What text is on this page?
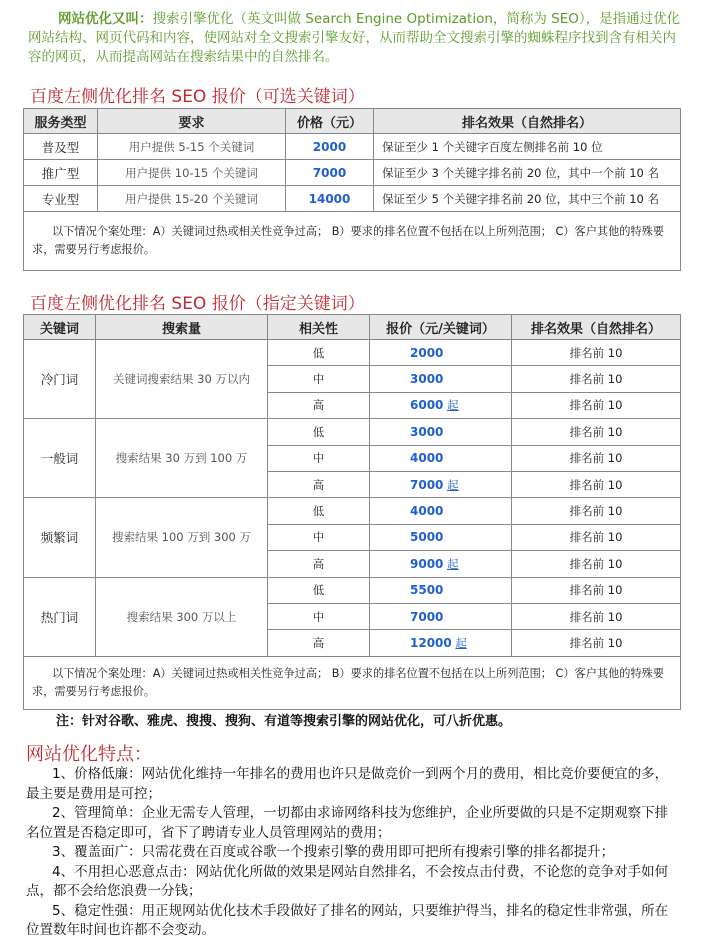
网站优化又叫：搜索引擎优化（英文叫做 Search Engine Optimization，简称为 SEO），是指通过优化网站结构、网页代码和内容，使网站对全文搜索引擎友好，从而帮助全文搜索引擎的蜘蛛程序找到含有相关内容的网页，从而提高网站在搜索结果中的自然排名。
百度左侧优化排名 SEO 报价（可选关键词）
服务类型	要求	价格（元）	排名效果（自然排名）
普及型	用户提供 5-15 个关键词	2000	保证至少 1 个关键字百度左侧排名前 10 位
推广型	用户提供 10-15 个关键词	7000	保证至少 3 个关键字排名前 20 位，其中一个前 10 名
专业型	用户提供 15-20 个关键词	14000	保证至少 5 个关键字排名前 20 位，其中三个前 10 名
以下情况个案处理：A）关键词过热或相关性竞争过高； B）要求的排名位置不包括在以上所列范围； C）客户其他的特殊要求，需要另行考虑报价。			
百度左侧优化排名 SEO 报价（指定关键词）
关键词	搜索量	相关性	报价（元/关键词）	排名效果（自然排名）
冷门词	关键词搜索结果 30 万以内	低	2000	排名前 10
		中	3000	排名前 10
		高	6000 起	排名前 10
一般词	搜索结果 30 万到 100 万	低	3000	排名前 10
		中	4000	排名前 10
		高	7000 起	排名前 10
频繁词	搜索结果 100 万到 300 万	低	4000	排名前 10
		中	5000	排名前 10
		高	9000 起	排名前 10
热门词	搜索结果 300 万以上	低	5500	排名前 10
		中	7000	排名前 10
		高	12000 起	排名前 10
以下情况个案处理：A）关键词过热或相关性竞争过高； B）要求的排名位置不包括在以上所列范围； C）客户其他的特殊要求，需要另行考虑报价。				
注：针对谷歌、雅虎、搜搜、搜狗、有道等搜索引擎的网站优化，可八折优惠。
网站优化特点：

1、价格低廉：网站优化维持一年排名的费用也许只是做竞价一到两个月的费用，相比竞价要便宜的多，最主要是费用是可控；

2、管理简单：企业无需专人管理，一切都由求谛网络科技为您维护，企业所要做的只是不定期观察下排名位置是否稳定即可，省下了聘请专业人员管理网站的费用；

3、覆盖面广：只需花费在百度或谷歌一个搜索引擎的费用即可把所有搜索引擎的排名都提升；

4、不用担心恶意点击：网站优化所做的效果是网站自然排名，不会按点击付费，不论您的竞争对手如何点，都不会给您浪费一分钱；

5、稳定性强：用正规网站优化技术手段做好了排名的网站，只要维护得当，排名的稳定性非常强，所在位置数年时间也许都不会变动。
